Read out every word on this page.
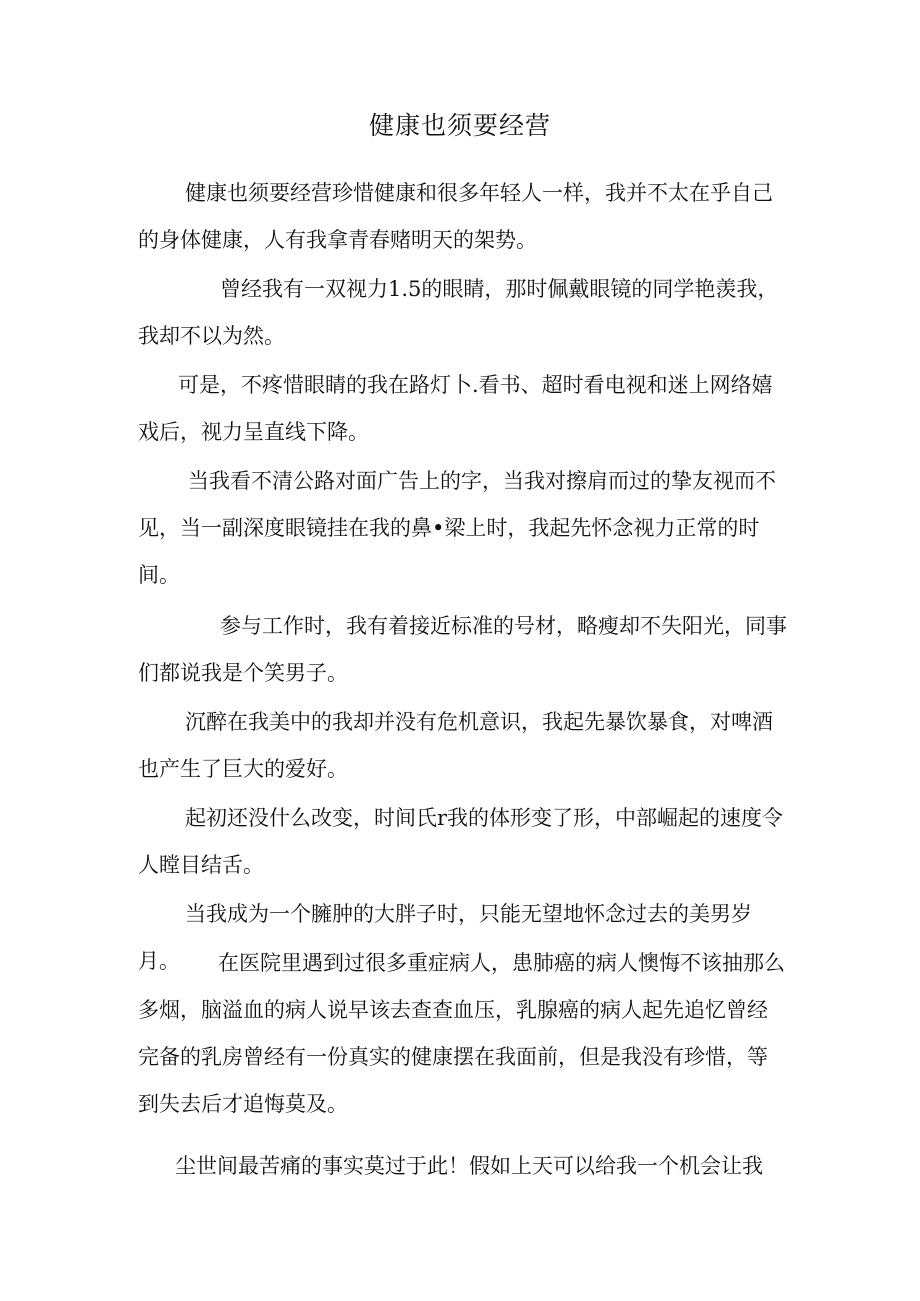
健康也须要经营

健康也须要经营珍惜健康和很多年轻人一样，我并不太在乎自己的身体健康，人有我拿青春赌明天的架势。

曾经我有一双视力1.5的眼睛，那时佩戴眼镜的同学艳羡我，我却不以为然。

可是，不疼惜眼睛的我在路灯卜.看书、超时看电视和迷上网络嬉戏后，视力呈直线下降。

当我看不清公路对面广告上的字，当我对擦肩而过的挚友视而不见，当一副深度眼镜挂在我的鼻•梁上时，我起先怀念视力正常的时间。

参与工作时，我有着接近标准的号材，略瘦却不失阳光，同事们都说我是个笑男子。

沉醉在我美中的我却并没有危机意识，我起先暴饮暴食，对啤酒也产生了巨大的爱好。

起初还没什么改变，时间氏r我的体形变了形，中部崛起的速度令人瞠目结舌。

当我成为一个臃肿的大胖子时，只能无望地怀念过去的美男岁月。	在医院里遇到过很多重症病人，患肺癌的病人懊悔不该抽那么多烟，脑溢血的病人说早该去查查血压，乳腺癌的病人起先追忆曾经完备的乳房曾经有一份真实的健康摆在我面前，但是我没有珍惜，等到失去后才追悔莫及。

尘世间最苦痛的事实莫过于此！假如上天可以给我一个机会让我
